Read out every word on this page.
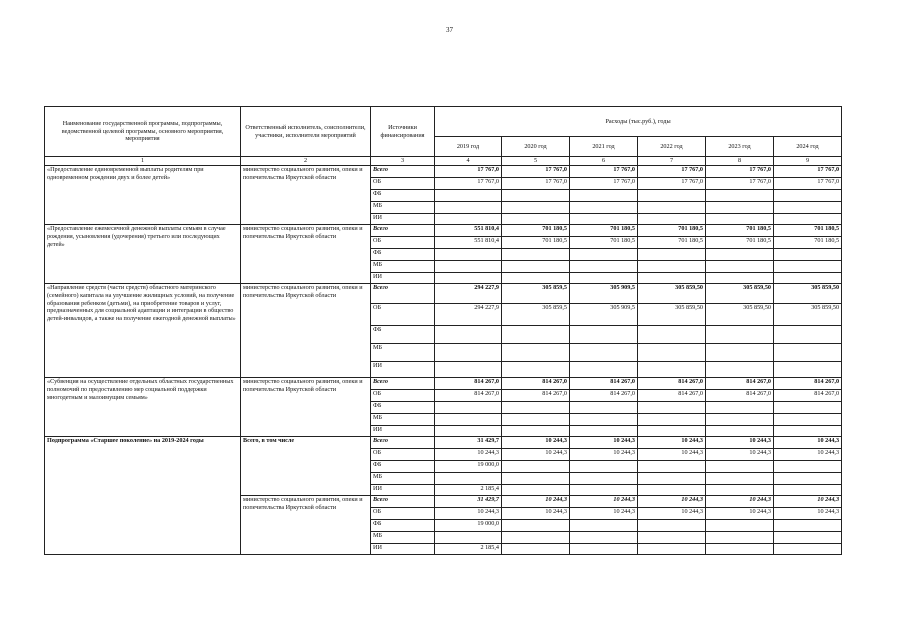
37
Наименование государственной программы, подпрограммы, ведомственной целевой программы, основного мероприятия, мероприятия	Ответственный исполнитель, соисполнители, участники, исполнители мероприятий	Источники финансирования	Расходы (тыс.руб.), годы					
			2019 год	2020 год	2021 год	2022 год	2023 год	2024 год
1	2	3	4	5	6	7	8	9
«Предоставление единовременной выплаты родителям при одновременном рождении двух и более детей»	министерство социального развития, опеки и попечительства Иркутской области	Всего	17 767,0	17 767,0	17 767,0	17 767,0	17 767,0	17 767,0
		ОБ	17 767,0	17 767,0	17 767,0	17 767,0	17 767,0	17 767,0
		ФБ						
		МБ						
		ИИ						
«Предоставление ежемесячной денежной выплаты семьям в случае рождения, усыновления (удочерения) третьего или последующих детей»	министерство социального развития, опеки и попечительства Иркутской области	Всего	551 810,4	701 180,5	701 180,5	701 180,5	701 180,5	701 180,5
		ОБ	551 810,4	701 180,5	701 180,5	701 180,5	701 180,5	701 180,5
		ФБ						
		МБ						
		ИИ						
«Направление средств (части средств) областного материнского (семейного) капитала на улучшение жилищных условий, на получение образования ребенком (детьми), на приобретение товаров и услуг, предназначенных для социальной адаптации и интеграции в общество детей-инвалидов, а также на получение ежегодной денежной выплаты»	министерство социального развития, опеки и попечительства Иркутской области	Всего	294 227,9	305 859,5	305 909,5	305 859,50	305 859,50	305 859,50
		ОБ	294 227,9	305 859,5	305 909,5	305 859,50	305 859,50	305 859,50
		ФБ						
		МБ						
		ИИ						
«Субвенция на осуществление отдельных областных государственных полномочий по предоставлению мер социальной поддержки многодетным и малоимущим семьям»	министерство социального развития, опеки и попечительства Иркутской области	Всего	814 267,0	814 267,0	814 267,0	814 267,0	814 267,0	814 267,0
		ОБ	814 267,0	814 267,0	814 267,0	814 267,0	814 267,0	814 267,0
		ФБ						
		МБ						
		ИИ						
Подпрограмма «Старшее поколение» на 2019-2024 годы	Всего, в том числе	Всего	31 429,7	10 244,3	10 244,3	10 244,3	10 244,3	10 244,3
		ОБ	10 244,3	10 244,3	10 244,3	10 244,3	10 244,3	10 244,3
		ФБ	19 000,0					
		МБ						
		ИИ	2 185,4					
	министерство социального развития, опеки и попечительства Иркутской области	Всего	31 429,7	10 244,3	10 244,3	10 244,3	10 244,3	10 244,3
		ОБ	10 244,3	10 244,3	10 244,3	10 244,3	10 244,3	10 244,3
		ФБ	19 000,0					
		МБ						
		ИИ	2 185,4					
